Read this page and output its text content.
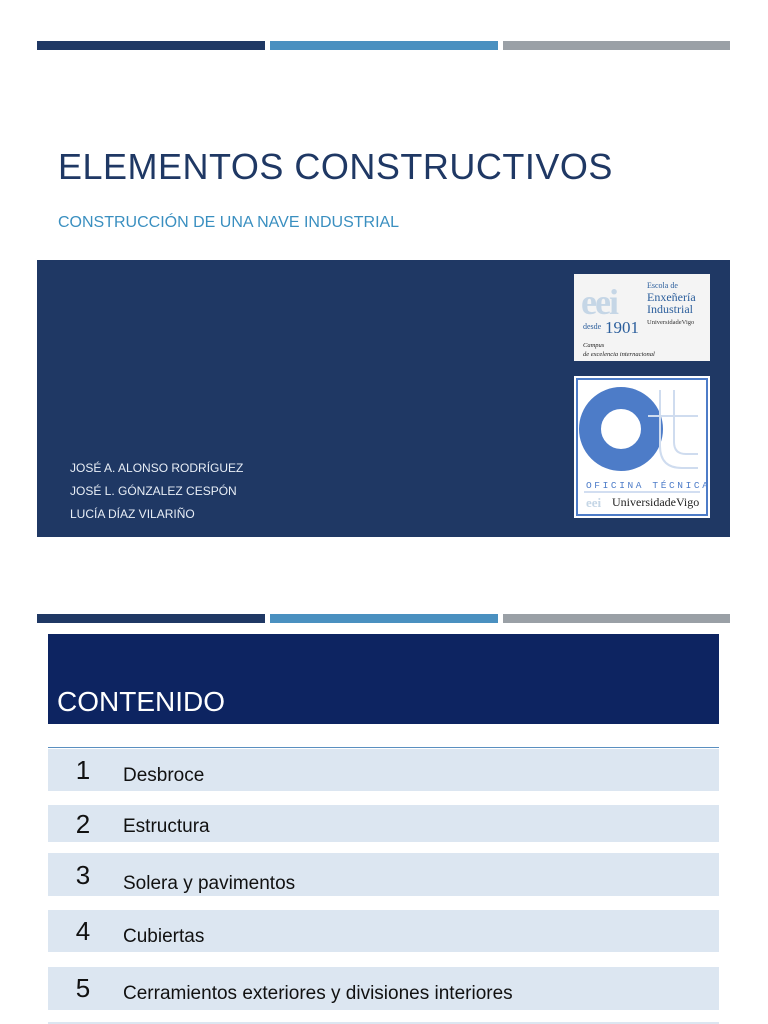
ELEMENTOS CONSTRUCTIVOS
CONSTRUCCIÓN DE UNA NAVE INDUSTRIAL
JOSÉ A. ALONSO RODRÍGUEZ
JOSÉ L. GÓNZALEZ CESPÓN
LUCÍA DÍAZ VILARIÑO
eei	Escola de
Enxeñería
Industrial
UniversidadeVigo
desde 1901
Campus
de excelencia internacional
OFICINA TÉCNICA
eei UniversidadeVigo
CONTENIDO
1	Desbroce
2	Estructura
3	Solera y pavimentos
4	Cubiertas
5	Cerramientos exteriores y divisiones interiores
